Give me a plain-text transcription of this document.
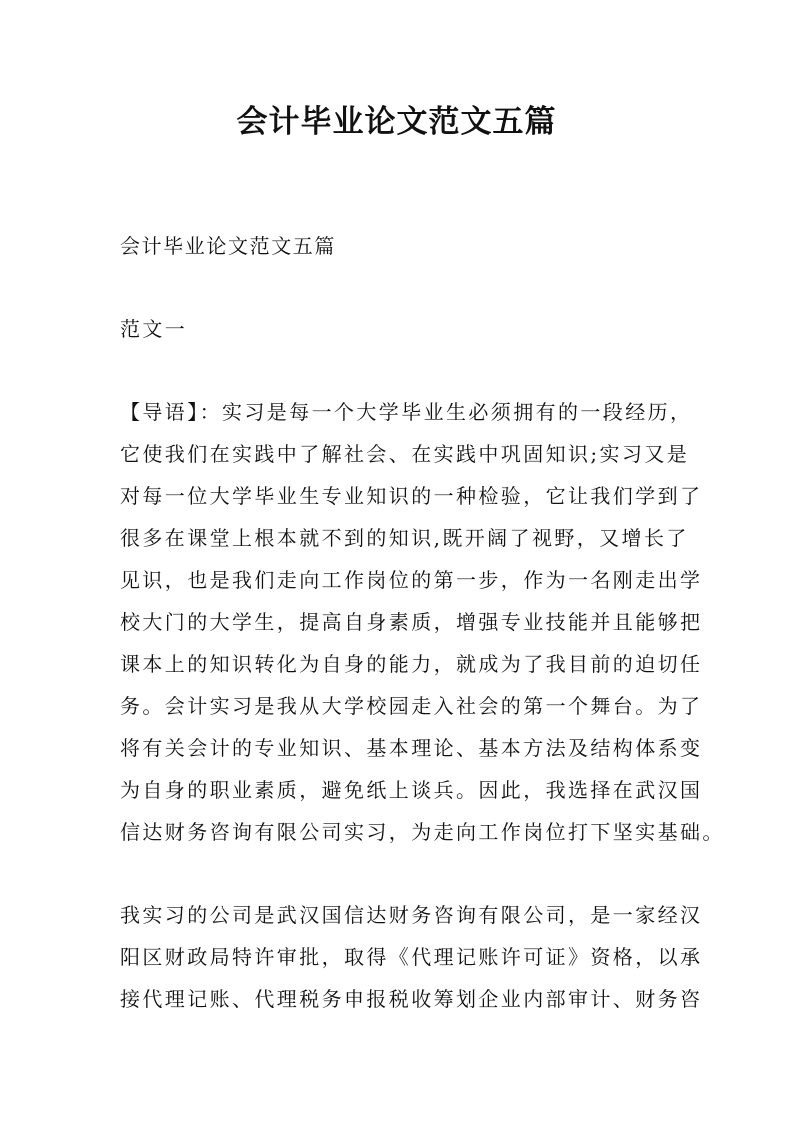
会计毕业论文范文五篇

会计毕业论文范文五篇

范文一

【导语】：实习是每一个大学毕业生必须拥有的一段经历，

它使我们在实践中了解社会、在实践中巩固知识;实习又是

对每一位大学毕业生专业知识的一种检验，它让我们学到了

很多在课堂上根本就不到的知识,既开阔了视野，又增长了

见识，也是我们走向工作岗位的第一步，作为一名刚走出学

校大门的大学生，提高自身素质，增强专业技能并且能够把

课本上的知识转化为自身的能力，就成为了我目前的迫切任

务。会计实习是我从大学校园走入社会的第一个舞台。为了

将有关会计的专业知识、基本理论、基本方法及结构体系变

为自身的职业素质，避免纸上谈兵。因此，我选择在武汉国

信达财务咨询有限公司实习，为走向工作岗位打下坚实基础。

我实习的公司是武汉国信达财务咨询有限公司，是一家经汉

阳区财政局特许审批，取得《代理记账许可证》资格，以承

接代理记账、代理税务申报税收筹划企业内部审计、财务咨
